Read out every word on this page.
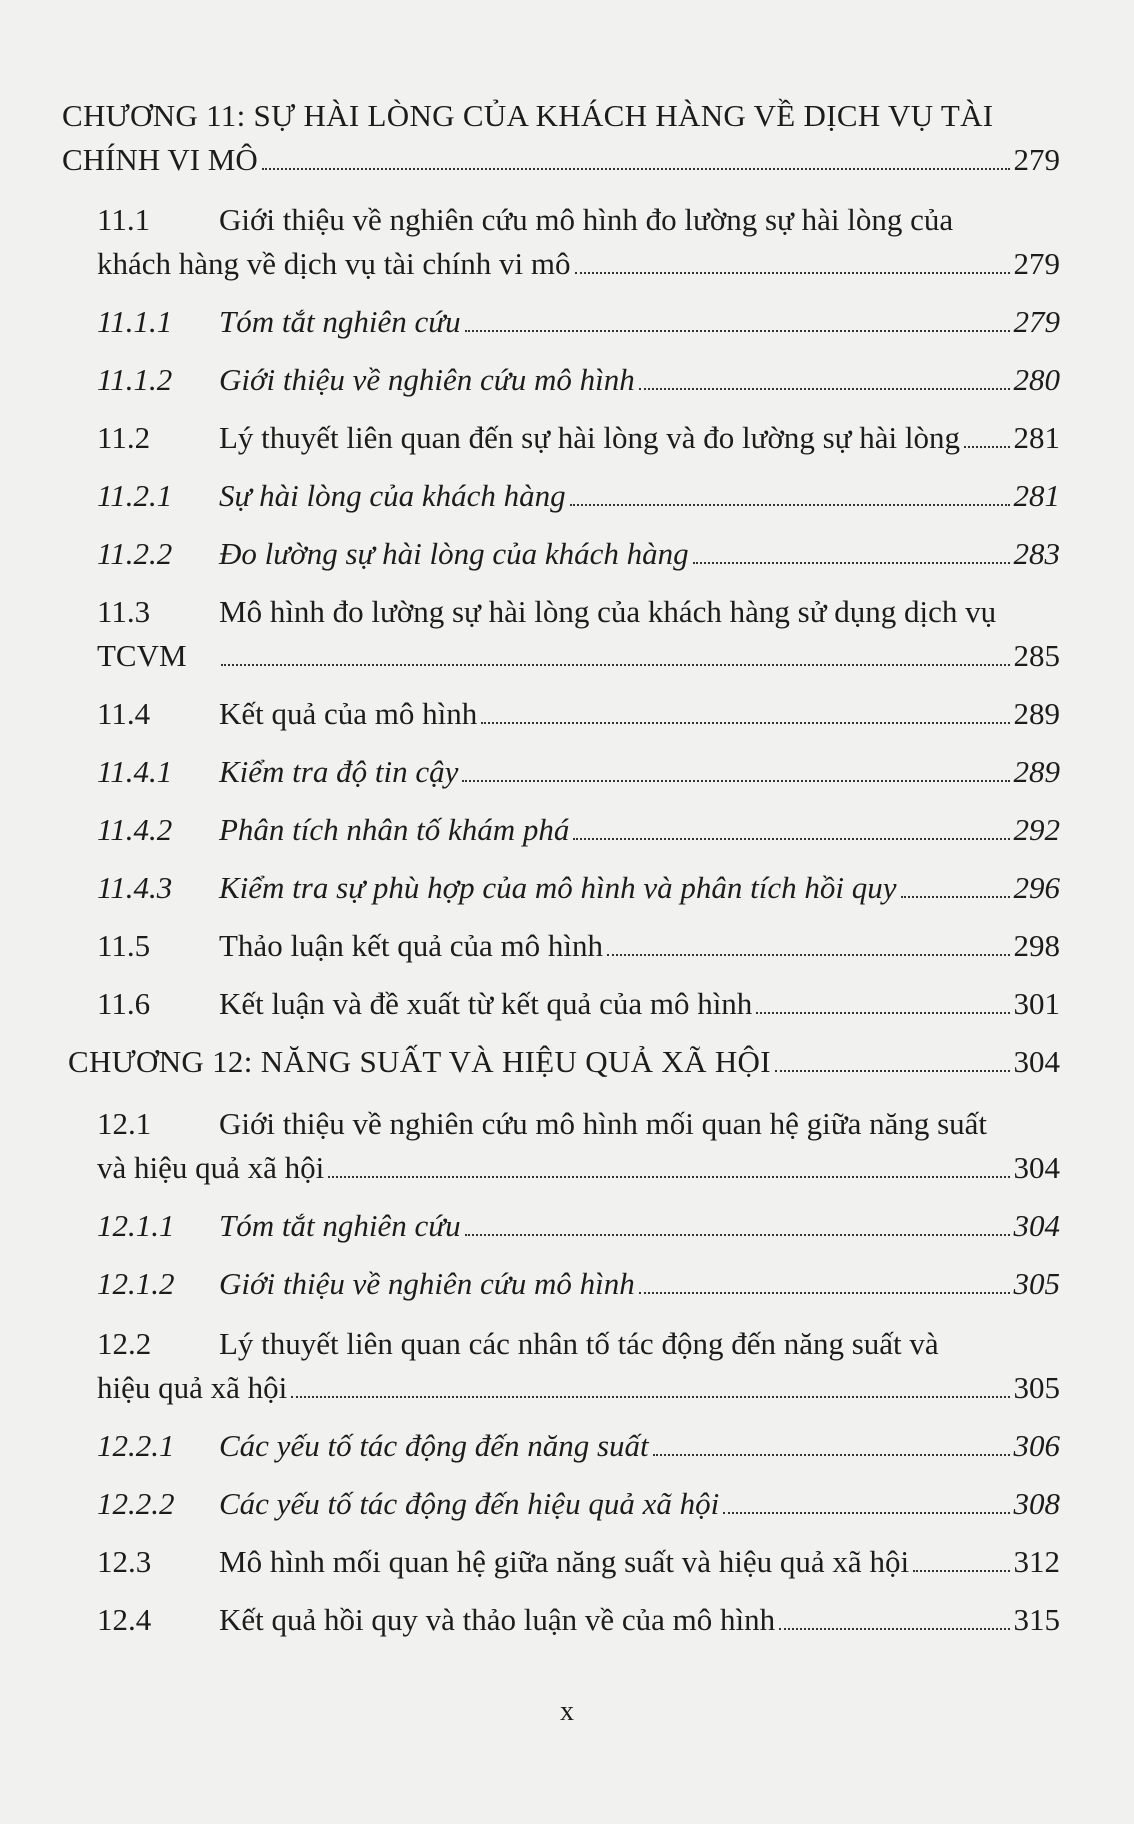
CHƯƠNG 11: SỰ HÀI LÒNG CỦA KHÁCH HÀNG VỀ DỊCH VỤ TÀI
CHÍNH VI MÔ	279
11.1 Giới thiệu về nghiên cứu mô hình đo lường sự hài lòng của
khách hàng về dịch vụ tài chính vi mô	279
11.1.1 Tóm tắt nghiên cứu	279
11.1.2 Giới thiệu về nghiên cứu mô hình	280
11.2 Lý thuyết liên quan đến sự hài lòng và đo lường sự hài lòng 281
11.2.1 Sự hài lòng của khách hàng	281
11.2.2 Đo lường sự hài lòng của khách hàng	283
11.3 Mô hình đo lường sự hài lòng của khách hàng sử dụng dịch vụ
TCVM	285
11.4 Kết quả của mô hình	289
11.4.1 Kiểm tra độ tin cậy	289
11.4.2 Phân tích nhân tố khám phá	292
11.4.3 Kiểm tra sự phù hợp của mô hình và phân tích hồi quy	296
11.5 Thảo luận kết quả của mô hình	298
11.6 Kết luận và đề xuất từ kết quả của mô hình	301
CHƯƠNG 12: NĂNG SUẤT VÀ HIỆU QUẢ XÃ HỘI	304
12.1 Giới thiệu về nghiên cứu mô hình mối quan hệ giữa năng suất
và hiệu quả xã hội	304
12.1.1 Tóm tắt nghiên cứu	304
12.1.2 Giới thiệu về nghiên cứu mô hình	305
12.2 Lý thuyết liên quan các nhân tố tác động đến năng suất và
hiệu quả xã hội	305
12.2.1 Các yếu tố tác động đến năng suất	306
12.2.2 Các yếu tố tác động đến hiệu quả xã hội	308
12.3 Mô hình mối quan hệ giữa năng suất và hiệu quả xã hội	312
12.4 Kết quả hồi quy và thảo luận về của mô hình	315
x
